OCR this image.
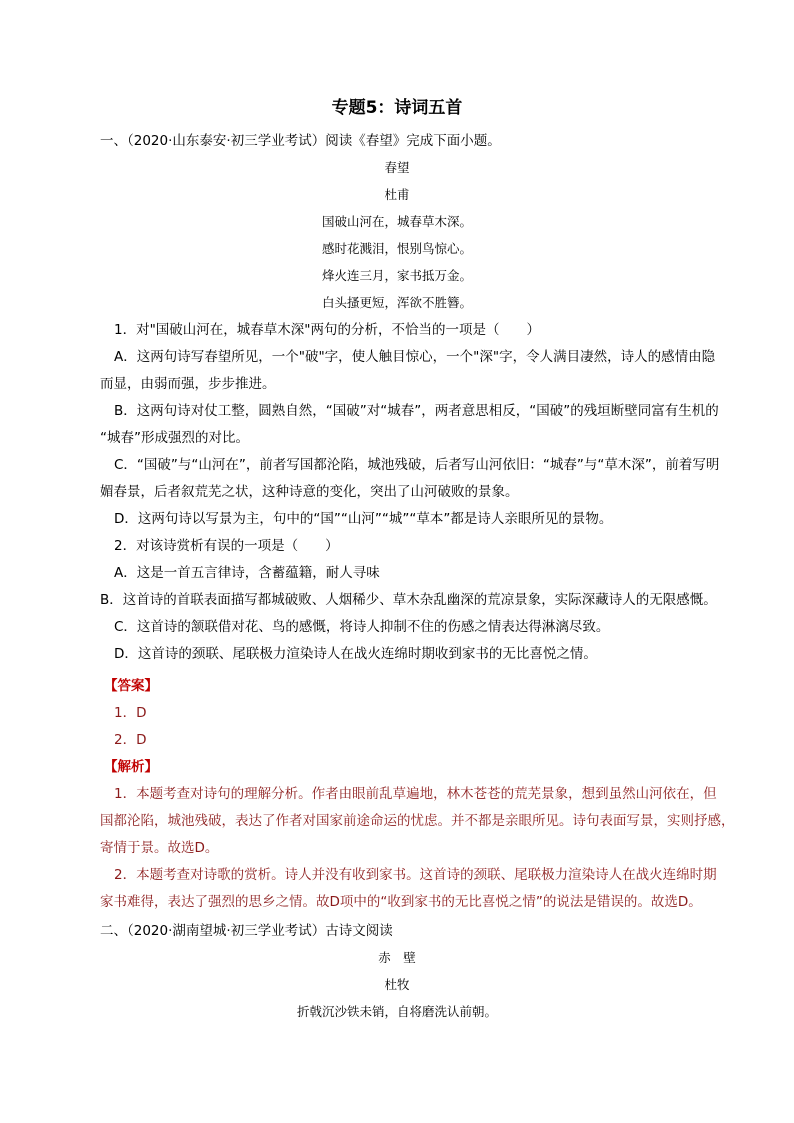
专题5：诗词五首
一、（2020·山东泰安·初三学业考试）阅读《春望》完成下面小题。
春望
杜甫
国破山河在，城春草木深。
感时花溅泪，恨别鸟惊心。
烽火连三月，家书抵万金。
白头搔更短，浑欲不胜簪。
1．对"国破山河在，城春草木深"两句的分析，不恰当的一项是（　　）
A．这两句诗写春望所见，一个"破"字，使人触目惊心，一个"深"字，令人满目凄然，诗人的感情由隐
而显，由弱而强，步步推进。
B．这两句诗对仗工整，圆熟自然，“国破”对“城春”，两者意思相反，“国破”的残垣断壁同富有生机的
“城春”形成强烈的对比。
C．“国破”与“山河在”，前者写国都沦陷，城池残破，后者写山河依旧：“城春”与“草木深”，前着写明
媚春景，后者叙荒芜之状，这种诗意的变化，突出了山河破败的景象。
D．这两句诗以写景为主，句中的“国”“山河”“城”“草本”都是诗人亲眼所见的景物。
2．对该诗赏析有误的一项是（　　）
A．这是一首五言律诗，含蓄蕴籍，耐人寻味
B．这首诗的首联表面描写都城破败、人烟稀少、草木杂乱幽深的荒凉景象，实际深藏诗人的无限感慨。
C．这首诗的颔联借对花、鸟的感慨，将诗人抑制不住的伤感之情表达得淋漓尽致。
D．这首诗的颈联、尾联极力渲染诗人在战火连绵时期收到家书的无比喜悦之情。
【答案】
1．D
2．D
【解析】
1．本题考查对诗句的理解分析。作者由眼前乱草遍地，林木苍苍的荒芜景象，想到虽然山河依在，但
国都沦陷，城池残破，表达了作者对国家前途命运的忧虑。并不都是亲眼所见。诗句表面写景，实则抒感，
寄情于景。故选D。
2．本题考查对诗歌的赏析。诗人并没有收到家书。这首诗的颈联、尾联极力渲染诗人在战火连绵时期
家书难得，表达了强烈的思乡之情。故D项中的“收到家书的无比喜悦之情”的说法是错误的。故选D。
二、（2020·湖南望城·初三学业考试）古诗文阅读
赤　壁
杜牧
折戟沉沙铁未销，自将磨洗认前朝。
